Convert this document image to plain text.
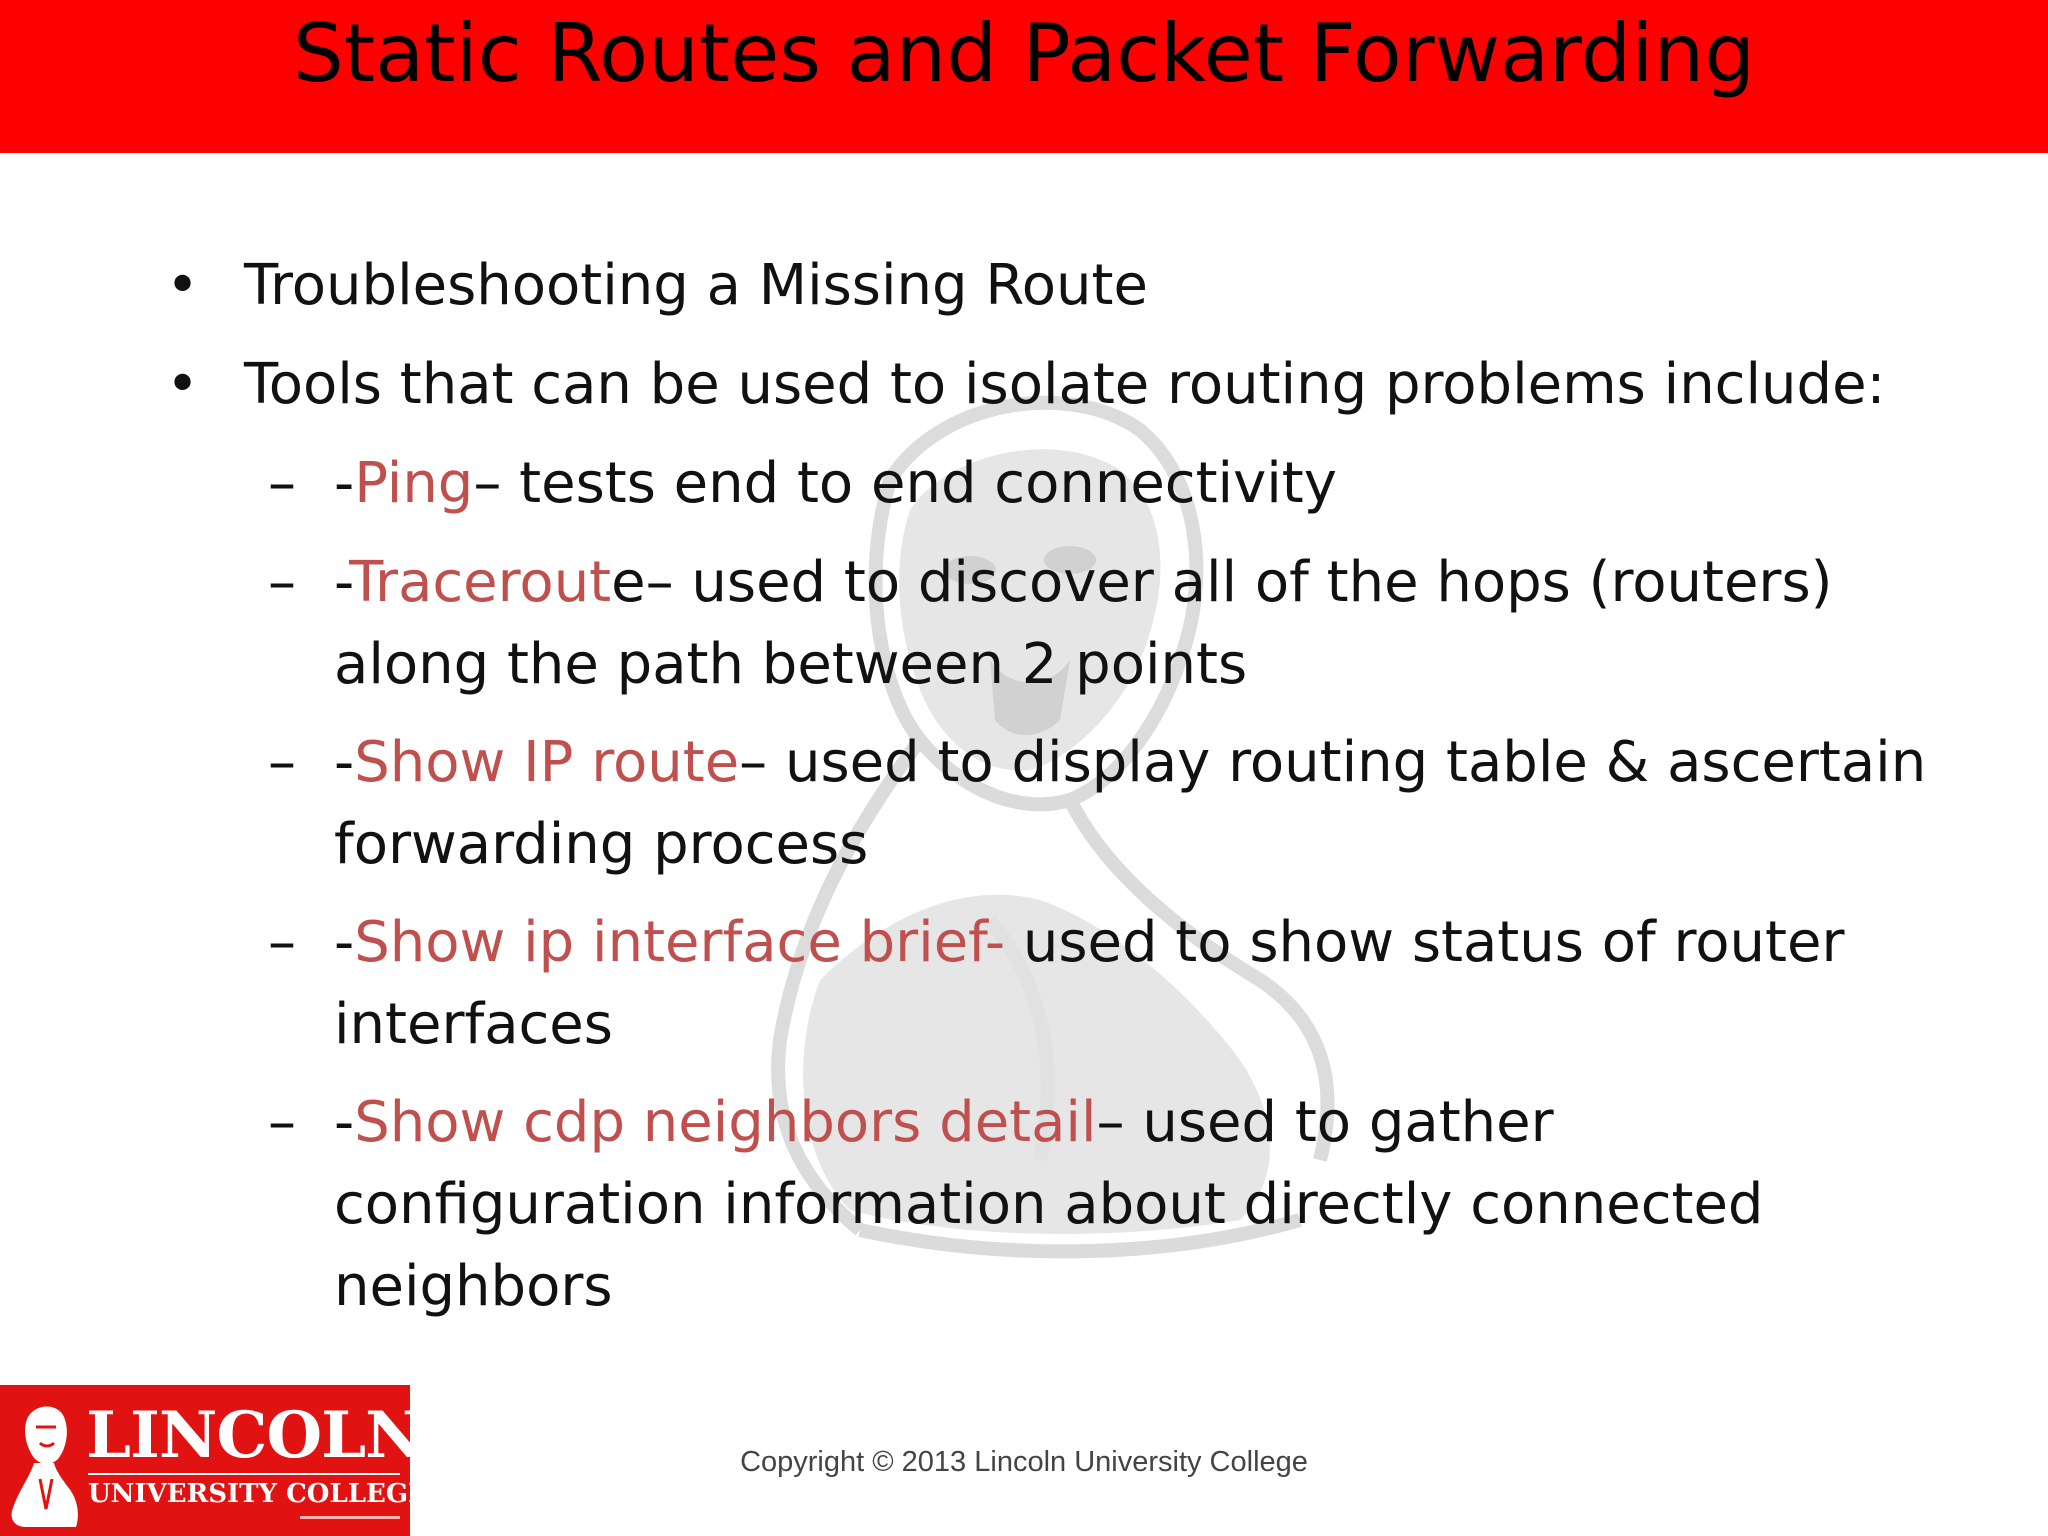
Static Routes and Packet Forwarding
• Troubleshooting a Missing Route
• Tools that can be used to isolate routing problems include:
– -Ping– tests end to end connectivity
– -Traceroute– used to discover all of the hops (routers)
along the path between 2 points
– -Show IP route– used to display routing table & ascertain
forwarding process
– -Show ip interface brief- used to show status of router
interfaces
– -Show cdp neighbors detail– used to gather
configuration information about directly connected
neighbors
LINCOLN
UNIVERSITY COLLEGE
Copyright © 2013 Lincoln University College
